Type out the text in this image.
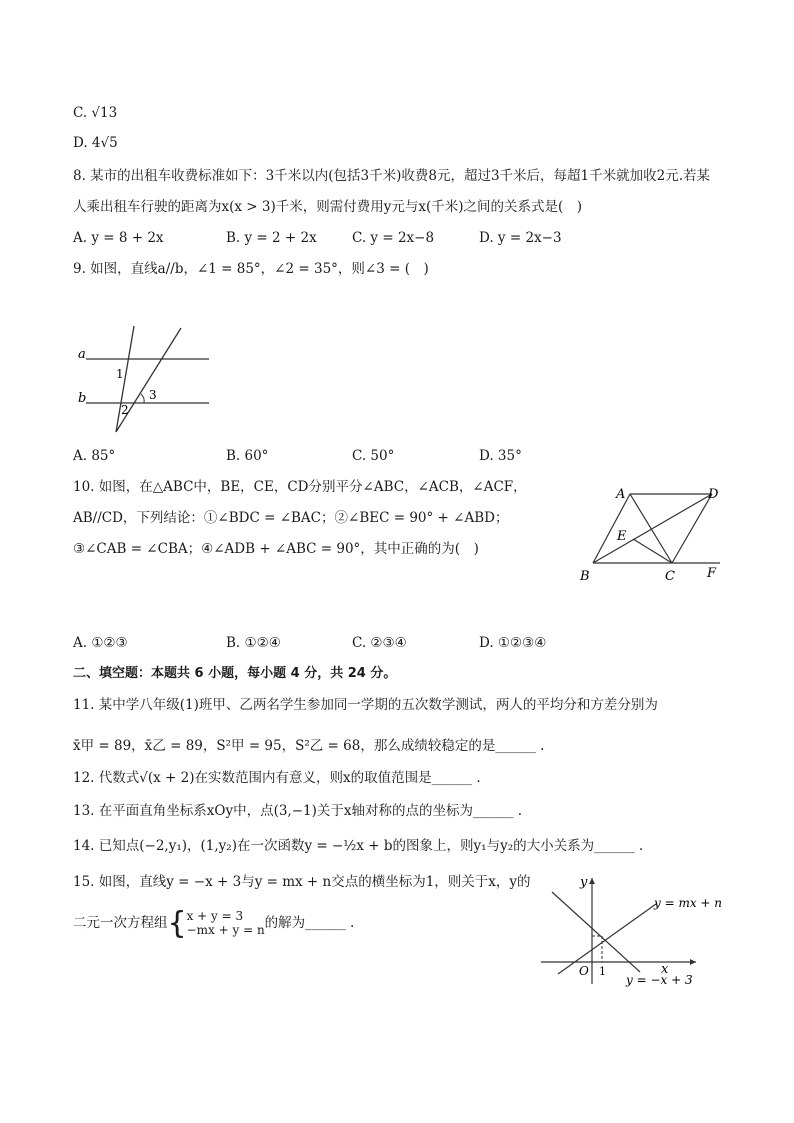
C. √13
D. 4√5
8. 某市的出租车收费标准如下：3千米以内(包括3千米)收费8元，超过3千米后，每超1千米就加收2元.若某
人乘出租车行驶的距离为x(x > 3)千米，则需付费用y元与x(千米)之间的关系式是(　)
A. y = 8 + 2x	B. y = 2 + 2x	C. y = 2x−8	D. y = 2x−3
9. 如图，直线a//b，∠1 = 85°，∠2 = 35°，则∠3 = (　)
a
b
1
2
3
A. 85°	B. 60°	C. 50°	D. 35°
10. 如图，在△ABC中，BE，CE，CD分别平分∠ABC，∠ACB，∠ACF，
AB//CD，下列结论：①∠BDC = ∠BAC；②∠BEC = 90° + ∠ABD；
③∠CAB = ∠CBA；④∠ADB + ∠ABC = 90°，其中正确的为(　)
A	D
E
B	C F
A. ①②③	B. ①②④	C. ②③④	D. ①②③④
二、填空题：本题共 6 小题，每小题 4 分，共 24 分。
11. 某中学八年级(1)班甲、乙两名学生参加同一学期的五次数学测试，两人的平均分和方差分别为
x̄甲 = 89，x̄乙 = 89，S²甲 = 95，S²乙 = 68，那么成绩较稳定的是______ .
12. 代数式√(x + 2)在实数范围内有意义，则x的取值范围是______ .
13. 在平面直角坐标系xOy中，点(3,−1)关于x轴对称的点的坐标为______ .
14. 已知点(−2,y₁)，(1,y₂)在一次函数y = −½x + b的图象上，则y₁与y₂的大小关系为______ .
15. 如图，直线y = −x + 3与y = mx + n交点的横坐标为1，则关于x，y的
二元一次方程组{x + y = 3
−mx + y = n的解为______ .
y
x
O 1
y = mx + n
y = −x + 3
